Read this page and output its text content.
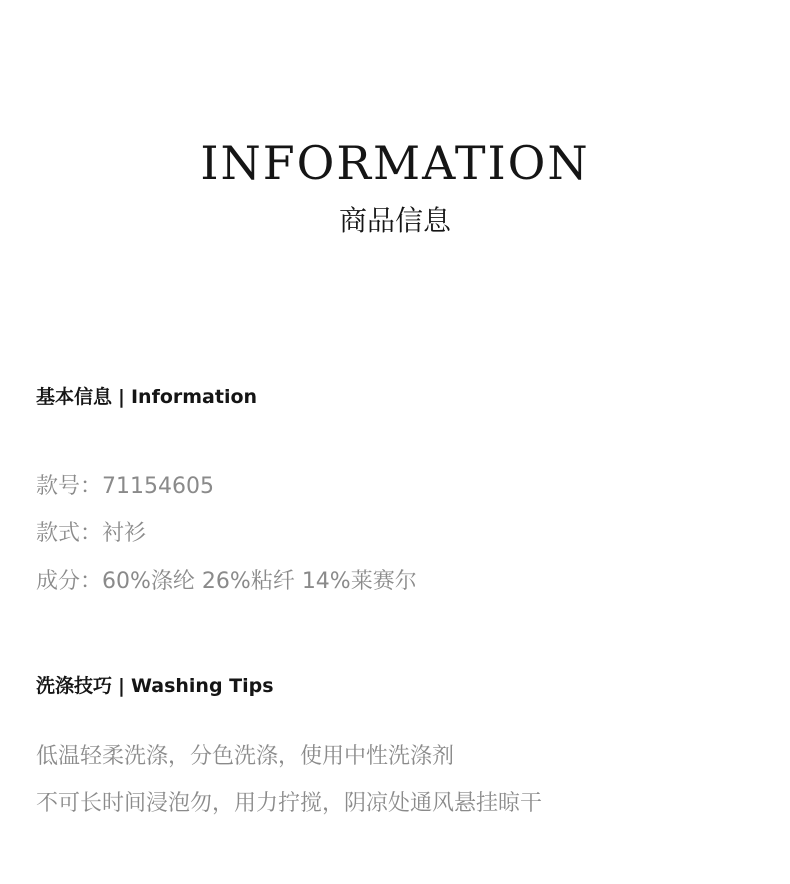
INFORMATION
商品信息
基本信息 | Information
款号 ： 71154605
款式 ： 衬衫
成分 ： 60%涤纶 26%粘纤 14%莱赛尔
洗涤技巧 | Washing Tips
低温轻柔洗涤，分色洗涤，使用中性洗涤剂
不可长时间浸泡勿，用力拧搅，阴凉处通风悬挂晾干
